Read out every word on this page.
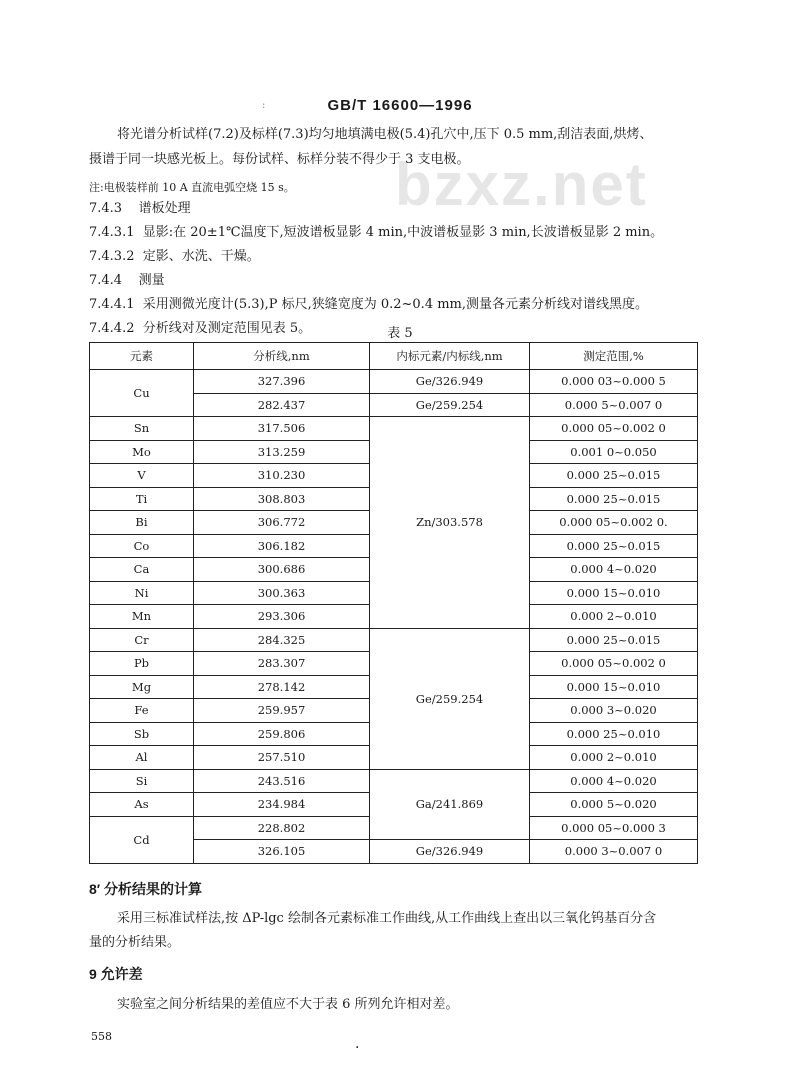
:	GB/T 16600—1996
bzxz.net
将光谱分析试样(7.2)及标样(7.3)均匀地填满电极(5.4)孔穴中,压下 0.5 mm,刮洁表面,烘烤、
摄谱于同一块感光板上。每份试样、标样分装不得少于 3 支电极。
注:电极装样前 10 A 直流电弧空烧 15 s。
7.4.3 谱板处理
7.4.3.1 显影:在 20±1℃温度下,短波谱板显影 4 min,中波谱板显影 3 min,长波谱板显影 2 min。
7.4.3.2 定影、水洗、干燥。
7.4.4 测量
7.4.4.1 采用测微光度计(5.3),P 标尺,狭缝宽度为 0.2~0.4 mm,测量各元素分析线对谱线黑度。
7.4.4.2 分析线对及测定范围见表 5。	表 5
元素	分析线,nm	内标元素/内标线,nm	测定范围,%
Cu	327.396	Ge/326.949	0.000 03~0.000 5
	282.437	Ge/259.254	0.000 5~0.007 0
Sn	317.506	Zn/303.578	0.000 05~0.002 0
Mo	313.259		0.001 0~0.050
V	310.230		0.000 25~0.015
Ti	308.803		0.000 25~0.015
Bi	306.772		0.000 05~0.002 0.
Co	306.182		0.000 25~0.015
Ca	300.686		0.000 4~0.020
Ni	300.363		0.000 15~0.010
Mn	293.306		0.000 2~0.010
Cr	284.325	Ge/259.254	0.000 25~0.015
Pb	283.307		0.000 05~0.002 0
Mg	278.142		0.000 15~0.010
Fe	259.957		0.000 3~0.020
Sb	259.806		0.000 25~0.010
Al	257.510		0.000 2~0.010
Si	243.516	Ga/241.869	0.000 4~0.020
As	234.984		0.000 5~0.020
Cd	228.802		0.000 05~0.000 3
	326.105	Ge/326.949	0.000 3~0.007 0
8′ 分析结果的计算
采用三标准试样法,按 ΔP-lgc 绘制各元素标准工作曲线,从工作曲线上查出以三氧化钨基百分含
量的分析结果。
9 允许差
实验室之间分析结果的差值应不大于表 6 所列允许相对差。
558	.
